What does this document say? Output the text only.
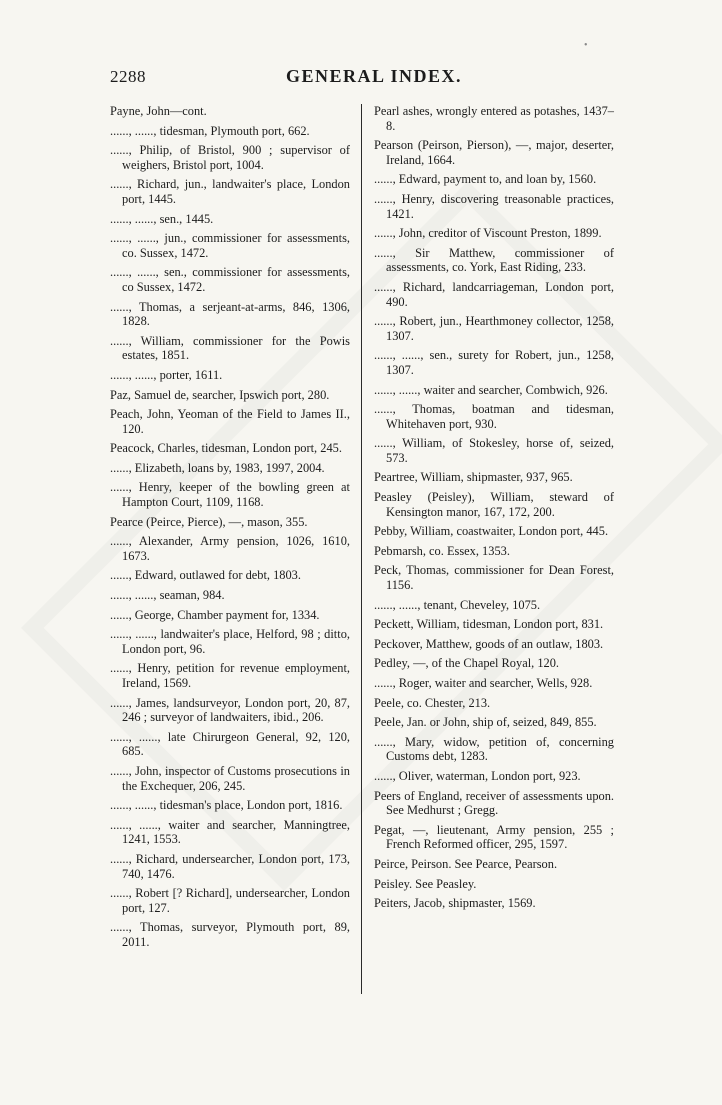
•
2288	GENERAL INDEX.
Payne, John—cont.
......, ......, tidesman, Plymouth port, 662.
......, Philip, of Bristol, 900 ; supervisor of weighers, Bristol port, 1004.
......, Richard, jun., landwaiter's place, London port, 1445.
......, ......, sen., 1445.
......, ......, jun., commissioner for assessments, co. Sussex, 1472.
......, ......, sen., commissioner for assessments, co Sussex, 1472.
......, Thomas, a serjeant-at-arms, 846, 1306, 1828.
......, William, commissioner for the Powis estates, 1851.
......, ......, porter, 1611.
Paz, Samuel de, searcher, Ipswich port, 280.
Peach, John, Yeoman of the Field to James II., 120.
Peacock, Charles, tidesman, London port, 245.
......, Elizabeth, loans by, 1983, 1997, 2004.
......, Henry, keeper of the bowling green at Hampton Court, 1109, 1168.
Pearce (Peirce, Pierce), —, mason, 355.
......, Alexander, Army pension, 1026, 1610, 1673.
......, Edward, outlawed for debt, 1803.
......, ......, seaman, 984.
......, George, Chamber payment for, 1334.
......, ......, landwaiter's place, Helford, 98 ; ditto, London port, 96.
......, Henry, petition for revenue employment, Ireland, 1569.
......, James, landsurveyor, London port, 20, 87, 246 ; surveyor of landwaiters, ibid., 206.
......, ......, late Chirurgeon General, 92, 120, 685.
......, John, inspector of Customs prosecutions in the Exchequer, 206, 245.
......, ......, tidesman's place, London port, 1816.
......, ......, waiter and searcher, Manningtree, 1241, 1553.
......, Richard, undersearcher, London port, 173, 740, 1476.
......, Robert [? Richard], undersearcher, London port, 127.
......, Thomas, surveyor, Plymouth port, 89, 2011.
Pearl ashes, wrongly entered as potashes, 1437–8.
Pearson (Peirson, Pierson), —, major, deserter, Ireland, 1664.
......, Edward, payment to, and loan by, 1560.
......, Henry, discovering treasonable practices, 1421.
......, John, creditor of Viscount Preston, 1899.
......, Sir Matthew, commissioner of assessments, co. York, East Riding, 233.
......, Richard, landcarriageman, London port, 490.
......, Robert, jun., Hearthmoney collector, 1258, 1307.
......, ......, sen., surety for Robert, jun., 1258, 1307.
......, ......, waiter and searcher, Combwich, 926.
......, Thomas, boatman and tidesman, Whitehaven port, 930.
......, William, of Stokesley, horse of, seized, 573.
Peartree, William, shipmaster, 937, 965.
Peasley (Peisley), William, steward of Kensington manor, 167, 172, 200.
Pebby, William, coastwaiter, London port, 445.
Pebmarsh, co. Essex, 1353.
Peck, Thomas, commissioner for Dean Forest, 1156.
......, ......, tenant, Cheveley, 1075.
Peckett, William, tidesman, London port, 831.
Peckover, Matthew, goods of an outlaw, 1803.
Pedley, —, of the Chapel Royal, 120.
......, Roger, waiter and searcher, Wells, 928.
Peele, co. Chester, 213.
Peele, Jan. or John, ship of, seized, 849, 855.
......, Mary, widow, petition of, concerning Customs debt, 1283.
......, Oliver, waterman, London port, 923.
Peers of England, receiver of assessments upon. See Medhurst ; Gregg.
Pegat, —, lieutenant, Army pension, 255 ; French Reformed officer, 295, 1597.
Peirce, Peirson. See Pearce, Pearson.
Peisley. See Peasley.
Peiters, Jacob, shipmaster, 1569.
